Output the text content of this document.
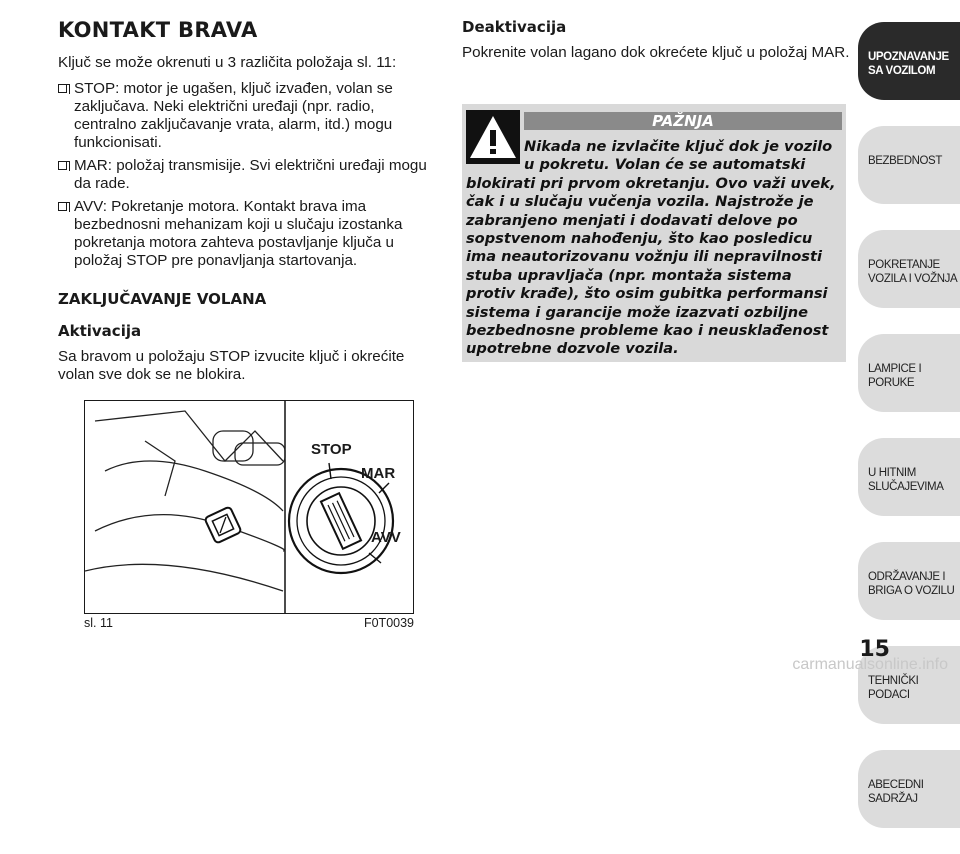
KONTAKT BRAVA

Ključ se može okrenuti u 3 različita položaja sl. 11:

STOP: motor je ugašen, ključ izvađen, volan se zaključava. Neki električni uređaji (npr. radio, centralno zaključavanje vrata, alarm, itd.) mogu funkcionisati.
MAR: položaj transmisije. Svi električni uređaji mogu da rade.
AVV: Pokretanje motora. Kontakt brava ima bezbednosni mehanizam koji u slučaju izostanka pokretanja motora zahteva postavljanje ključa u položaj STOP pre ponavljanja startovanja.
ZAKLJUČAVANJE VOLANA
Aktivacija

Sa bravom u položaju STOP izvucite ključ i okrećite volan sve dok se ne blokira.

STOP
MAR
AVV
sl. 11	F0T0039
Deaktivacija

Pokrenite volan lagano dok okrećete ključ u položaj MAR.

PAŽNJA
Nikada ne izvlačite ključ dok je vozilo u pokretu. Volan će se automatski blokirati pri prvom okretanju. Ovo važi uvek, čak i u slučaju vučenja vozila. Najstrože je zabranjeno menjati i dodavati delove po sopstvenom nahođenju, što kao posledicu ima neautorizovanu vožnju ili nepravilnosti stuba upravljača (npr. montaža sistema protiv krađe), što osim gubitka performansi sistema i garancije može izazvati ozbiljne bezbednosne probleme kao i neusklađenost upotrebne dozvole vozila.
UPOZNAVANJE SA VOZILOM
BEZBEDNOST
POKRETANJE VOZILA I VOŽNJA
LAMPICE I PORUKE
U HITNIM SLUČAJEVIMA
ODRŽAVANJE I BRIGA O VOZILU
TEHNIČKI PODACI
ABECEDNI SADRŽAJ
15
carmanualsonline.info
